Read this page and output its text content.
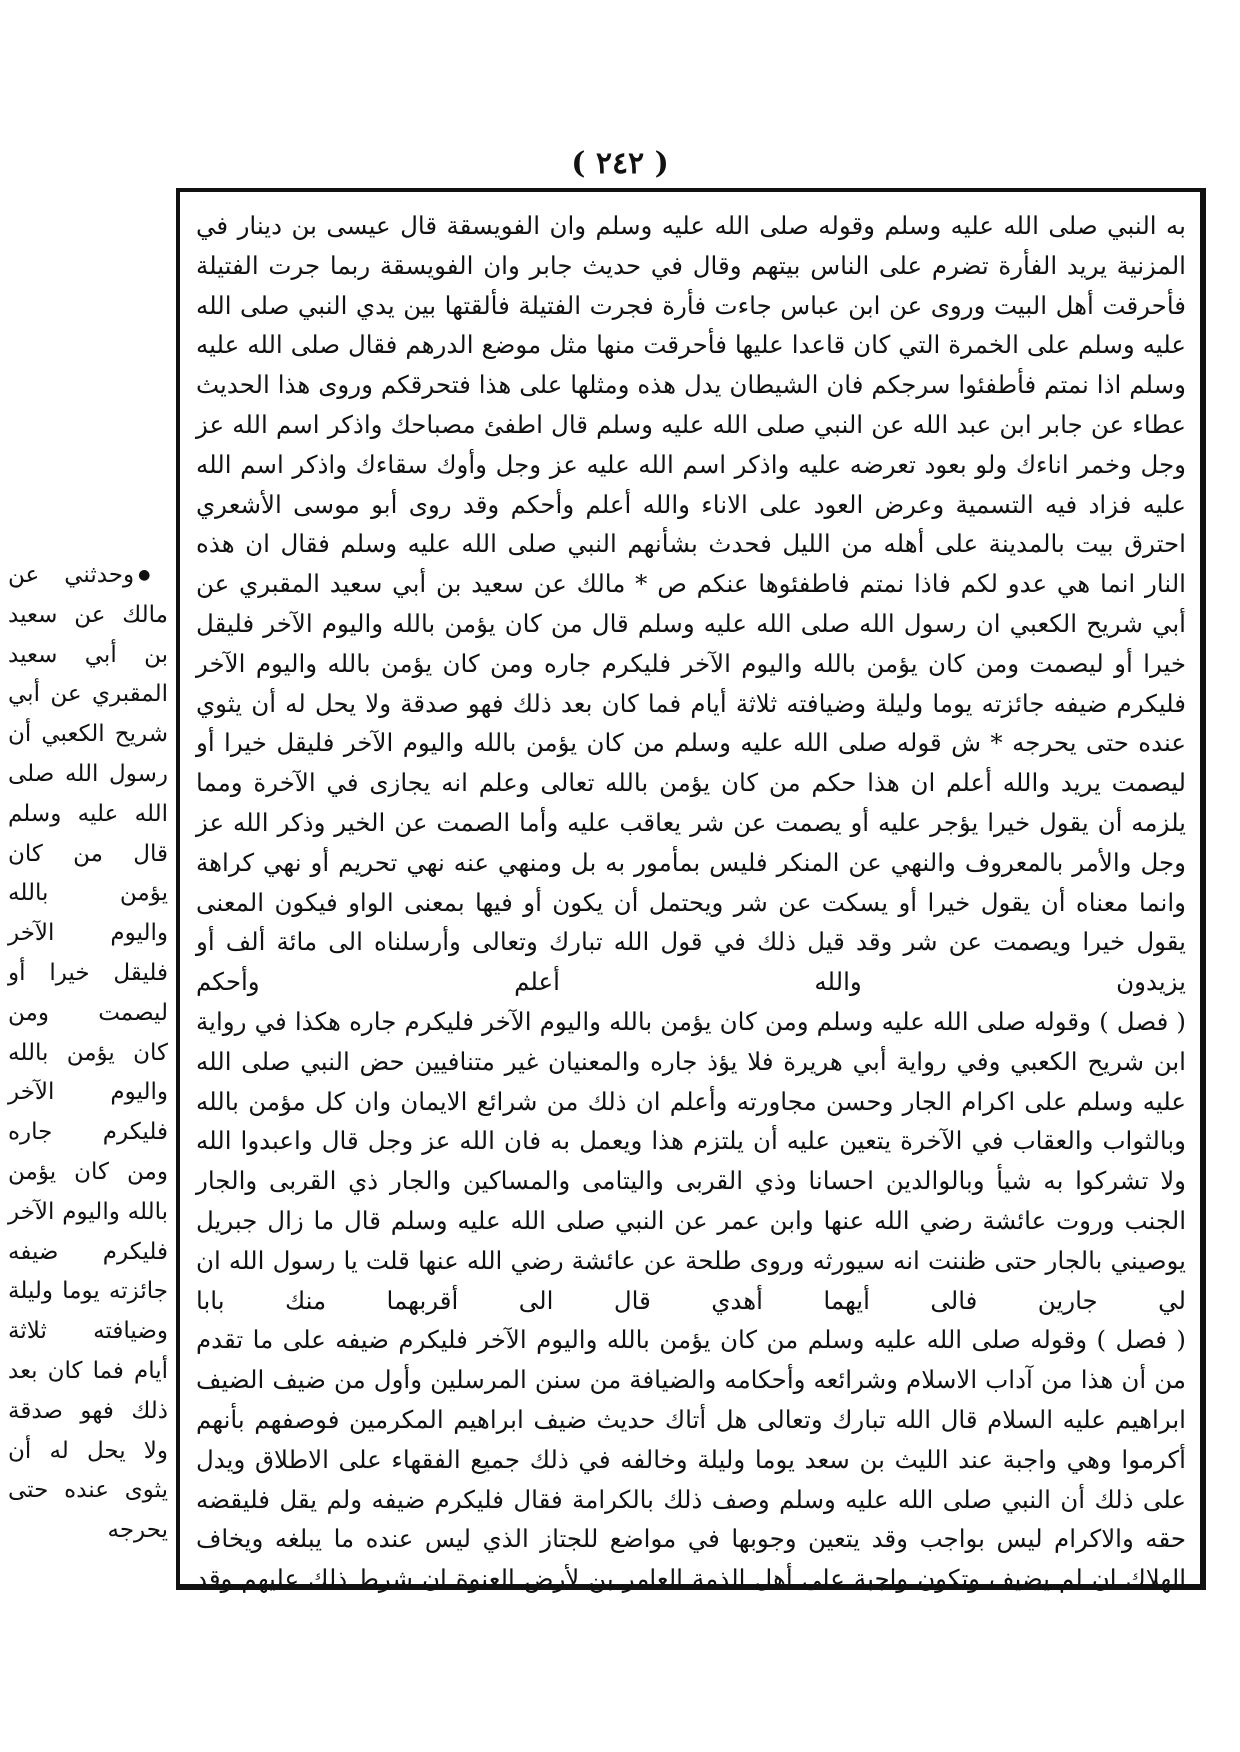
( ٢٤٢ )

به النبي صلى الله عليه وسلم وقوله صلى الله عليه وسلم وان الفويسقة قال عيسى بن دينار في المزنية يريد الفأرة تضرم على الناس بيتهم وقال في حديث جابر وان الفويسقة ربما جرت الفتيلة فأحرقت أهل البيت وروى عن ابن عباس جاءت فأرة فجرت الفتيلة فألقتها بين يدي النبي صلى الله عليه وسلم على الخمرة التي كان قاعدا عليها فأحرقت منها مثل موضع الدرهم فقال صلى الله عليه وسلم اذا نمتم فأطفئوا سرجكم فان الشيطان يدل هذه ومثلها على هذا فتحرقكم وروى هذا الحديث عطاء عن جابر ابن عبد الله عن النبي صلى الله عليه وسلم قال اطفئ مصباحك واذكر اسم الله عز وجل وخمر اناءك ولو بعود تعرضه عليه واذكر اسم الله عليه عز وجل وأوك سقاءك واذكر اسم الله عليه فزاد فيه التسمية وعرض العود على الاناء والله أعلم وأحكم وقد روى أبو موسى الأشعري احترق بيت بالمدينة على أهله من الليل فحدث بشأنهم النبي صلى الله عليه وسلم فقال ان هذه النار انما هي عدو لكم فاذا نمتم فاطفئوها عنكم ص * مالك عن سعيد بن أبي سعيد المقبري عن أبي شريح الكعبي ان رسول الله صلى الله عليه وسلم قال من كان يؤمن بالله واليوم الآخر فليقل خيرا أو ليصمت ومن كان يؤمن بالله واليوم الآخر فليكرم جاره ومن كان يؤمن بالله واليوم الآخر فليكرم ضيفه جائزته يوما وليلة وضيافته ثلاثة أيام فما كان بعد ذلك فهو صدقة ولا يحل له أن يثوي عنده حتى يحرجه * ش قوله صلى الله عليه وسلم من كان يؤمن بالله واليوم الآخر فليقل خيرا أو ليصمت يريد والله أعلم ان هذا حكم من كان يؤمن بالله تعالى وعلم انه يجازى في الآخرة ومما يلزمه أن يقول خيرا يؤجر عليه أو يصمت عن شر يعاقب عليه وأما الصمت عن الخير وذكر الله عز وجل والأمر بالمعروف والنهي عن المنكر فليس بمأمور به بل ومنهي عنه نهي تحريم أو نهي كراهة وانما معناه أن يقول خيرا أو يسكت عن شر ويحتمل أن يكون أو فيها بمعنى الواو فيكون المعنى يقول خيرا ويصمت عن شر وقد قيل ذلك في قول الله تبارك وتعالى وأرسلناه الى مائة ألف أو يزيدون والله أعلم وأحكم

( فصل ) وقوله صلى الله عليه وسلم ومن كان يؤمن بالله واليوم الآخر فليكرم جاره هكذا في رواية ابن شريح الكعبي وفي رواية أبي هريرة فلا يؤذ جاره والمعنيان غير متنافيين حض النبي صلى الله عليه وسلم على اكرام الجار وحسن مجاورته وأعلم ان ذلك من شرائع الايمان وان كل مؤمن بالله وبالثواب والعقاب في الآخرة يتعين عليه أن يلتزم هذا ويعمل به فان الله عز وجل قال واعبدوا الله ولا تشركوا به شيأ وبالوالدين احسانا وذي القربى واليتامى والمساكين والجار ذي القربى والجار الجنب وروت عائشة رضي الله عنها وابن عمر عن النبي صلى الله عليه وسلم قال ما زال جبريل يوصيني بالجار حتى ظننت انه سيورثه وروى طلحة عن عائشة رضي الله عنها قلت يا رسول الله ان لي جارين فالى أيهما أهدي قال الى أقربهما منك بابا

( فصل ) وقوله صلى الله عليه وسلم من كان يؤمن بالله واليوم الآخر فليكرم ضيفه على ما تقدم من أن هذا من آداب الاسلام وشرائعه وأحكامه والضيافة من سنن المرسلين وأول من ضيف الضيف ابراهيم عليه السلام قال الله تبارك وتعالى هل أتاك حديث ضيف ابراهيم المكرمين فوصفهم بأنهم أكرموا وهي واجبة عند الليث بن سعد يوما وليلة وخالفه في ذلك جميع الفقهاء على الاطلاق ويدل على ذلك أن النبي صلى الله عليه وسلم وصف ذلك بالكرامة فقال فليكرم ضيفه ولم يقل فليقضه حقه والاكرام ليس بواجب وقد يتعين وجوبها في مواضع للجتاز الذي ليس عنده ما يبلغه ويخاف الهلاك ان لم يضيف وتكون واجبة على أهل الذمة العامر بن لأرض العنوة ان شرط ذلك عليهم وقد

●وحدثني عن مالك عن سعيد بن أبي سعيد المقبري عن أبي شريح الكعبي أن رسول الله صلى الله عليه وسلم قال من كان يؤمن بالله واليوم الآخر فليقل خيرا أو ليصمت ومن كان يؤمن بالله واليوم الآخر فليكرم جاره ومن كان يؤمن بالله واليوم الآخر فليكرم ضيفه جائزته يوما وليلة وضيافته ثلاثة أيام فما كان بعد ذلك فهو صدقة ولا يحل له أن يثوى عنده حتى يحرجه
